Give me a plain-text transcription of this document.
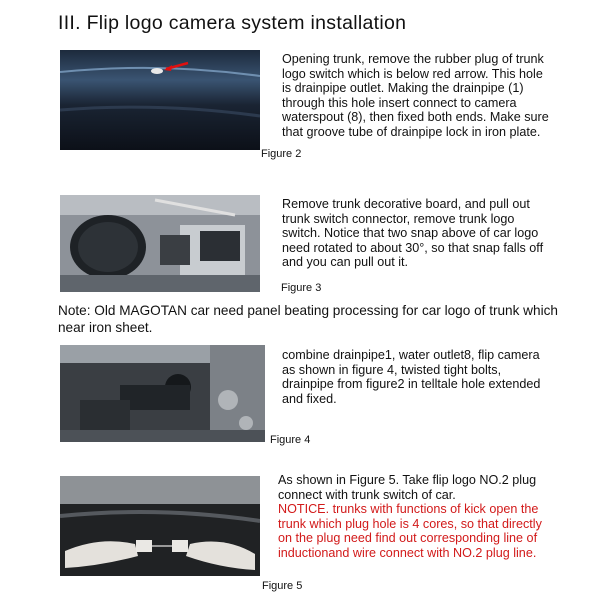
III. Flip logo camera system installation

Opening trunk, remove the rubber plug of trunk logo switch which is below red arrow. This hole is drainpipe outlet. Making the drainpipe (1) through this hole insert connect to camera waterspout (8), then fixed both ends. Make sure that groove tube of drainpipe lock in iron plate.

Figure 2

Remove trunk decorative board, and pull out trunk switch connector, remove trunk logo switch. Notice that two snap above of car logo need rotated to about 30°, so that snap falls off and you can pull out it.

Figure 3
Note: Old MAGOTAN car need panel beating processing for car logo of trunk which near iron sheet.

combine drainpipe1, water outlet8, flip camera as shown in figure 4, twisted tight bolts, drainpipe from figure2 in telltale hole extended and fixed.

Figure 4

As shown in Figure 5. Take flip logo NO.2 plug connect with trunk switch of car.

NOTICE. trunks with functions of kick open the trunk which plug hole is 4 cores, so that directly on the plug need find out corresponding line of inductionand wire connect with NO.2 plug line.

Figure 5
